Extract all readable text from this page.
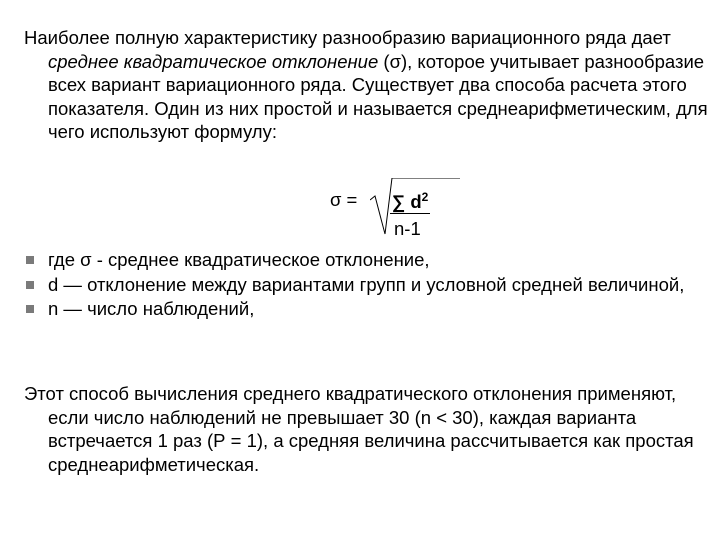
Наиболее полную характеристику разнообразию вариационного ряда дает среднее квадратическое отклонение (σ), которое учитывает разнообразие всех вариант вариационного ряда. Существует два способа расчета этого показателя. Один из них простой и называется среднеарифметическим, для чего используют формулу:

σ = ∑ $d^2$
n-1
где σ - среднее квадратическое отклонение,
d — отклонение между вариантами групп и условной средней величиной,
n — число наблюдений,

Этот способ вычисления среднего квадратического отклонения применяют, если число наблюдений не превышает 30 (n < 30), каждая варианта встречается 1 раз (Р = 1), а средняя величина рассчитывается как простая среднеарифметическая.
